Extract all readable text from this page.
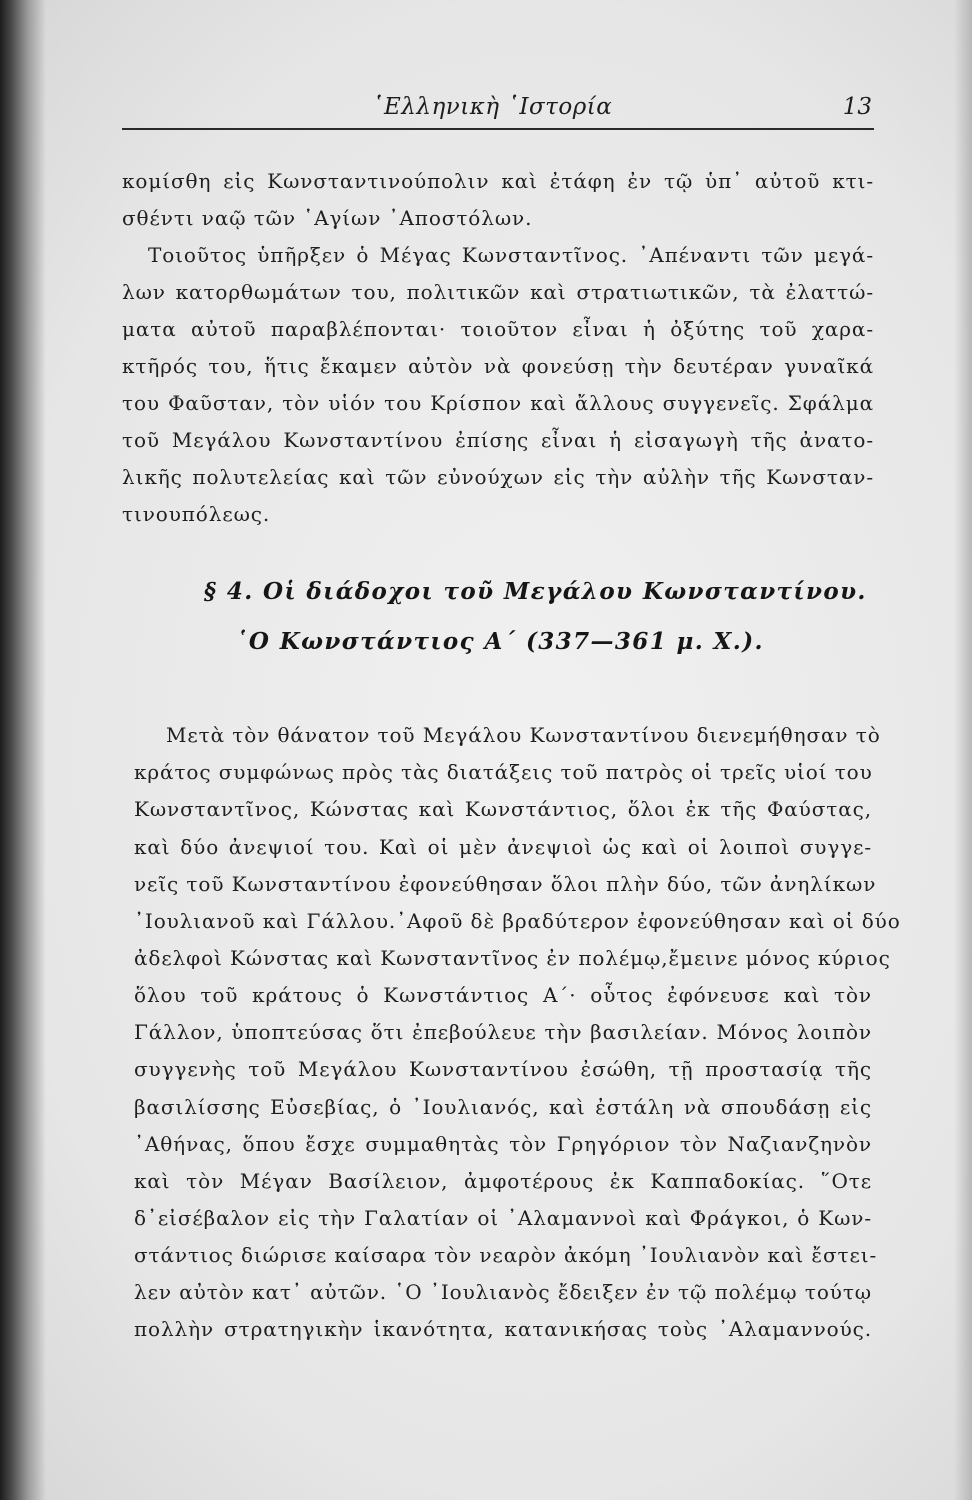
῾Ελληνικὴ ῾Ιστορία	13
κομίσθη εἰς Κωνσταντινούπολιν καὶ ἐτάφη ἐν τῷ ὑπ᾽ αὐτοῦ κτι-
σθέντι ναῷ τῶν ῾Αγίων ᾽Αποστόλων.
Τοιοῦτος ὑπῆρξεν ὁ Μέγας Κωνσταντῖνος. ᾽Απέναντι τῶν μεγά-
λων κατορθωμάτων του, πολιτικῶν καὶ στρατιωτικῶν, τὰ ἐλαττώ-
ματα αὐτοῦ παραβλέπονται· τοιοῦτον εἶναι ἡ ὀξύτης τοῦ χαρα-
κτῆρός του, ἥτις ἔκαμεν αὐτὸν νὰ φονεύσῃ τὴν δευτέραν γυναῖκά
του Φαῦσταν, τὸν υἱόν του Κρίσπον καὶ ἄλλους συγγενεῖς. Σφάλμα
τοῦ Μεγάλου Κωνσταντίνου ἐπίσης εἶναι ἡ εἰσαγωγὴ τῆς ἀνατο-
λικῆς πολυτελείας καὶ τῶν εὐνούχων εἰς τὴν αὐλὴν τῆς Κωνσταν-
τινουπόλεως.
§ 4. Οἱ διάδοχοι τοῦ Μεγάλου Κωνσταντίνου.
῾Ο Κωνστάντιος Α΄ (337—361 μ. Χ.).
Μετὰ τὸν θάνατον τοῦ Μεγάλου Κωνσταντίνου διενεμήθησαν τὸ
κράτος συμφώνως πρὸς τὰς διατάξεις τοῦ πατρὸς οἱ τρεῖς υἱοί του
Κωνσταντῖνος, Κώνστας καὶ Κωνστάντιος, ὅλοι ἐκ τῆς Φαύστας,
καὶ δύο ἀνεψιοί του. Καὶ οἱ μὲν ἀνεψιοὶ ὡς καὶ οἱ λοιποὶ συγγε-
νεῖς τοῦ Κωνσταντίνου ἐφονεύθησαν ὅλοι πλὴν δύο, τῶν ἀνηλίκων
᾽Ιουλιανοῦ καὶ Γάλλου.᾽Αφοῦ δὲ βραδύτερον ἐφονεύθησαν καὶ οἱ δύο
ἀδελφοὶ Κώνστας καὶ Κωνσταντῖνος ἐν πολέμῳ,ἔμεινε μόνος κύριος
ὅλου τοῦ κράτους ὁ Κωνστάντιος Α΄· οὗτος ἐφόνευσε καὶ τὸν
Γάλλον, ὑποπτεύσας ὅτι ἐπεβούλευε τὴν βασιλείαν. Μόνος λοιπὸν
συγγενὴς τοῦ Μεγάλου Κωνσταντίνου ἐσώθη, τῇ προστασίᾳ τῆς
βασιλίσσης Εὐσεβίας, ὁ ᾽Ιουλιανός, καὶ ἐστάλη νὰ σπουδάσῃ εἰς
᾽Αθήνας, ὅπου ἔσχε συμμαθητὰς τὸν Γρηγόριον τὸν Ναζιανζηνὸν
καὶ τὸν Μέγαν Βασίλειον, ἀμφοτέρους ἐκ Καππαδοκίας. ῞Οτε
δ᾽εἰσέβαλον εἰς τὴν Γαλατίαν οἱ ᾽Αλαμαννοὶ καὶ Φράγκοι, ὁ Κων-
στάντιος διώρισε καίσαρα τὸν νεαρὸν ἀκόμη ᾽Ιουλιανὸν καὶ ἔστει-
λεν αὐτὸν κατ᾽ αὐτῶν. ῾Ο ᾽Ιουλιανὸς ἔδειξεν ἐν τῷ πολέμῳ τούτῳ
πολλὴν στρατηγικὴν ἱκανότητα, κατανικήσας τοὺς ᾽Αλαμαννούς.
